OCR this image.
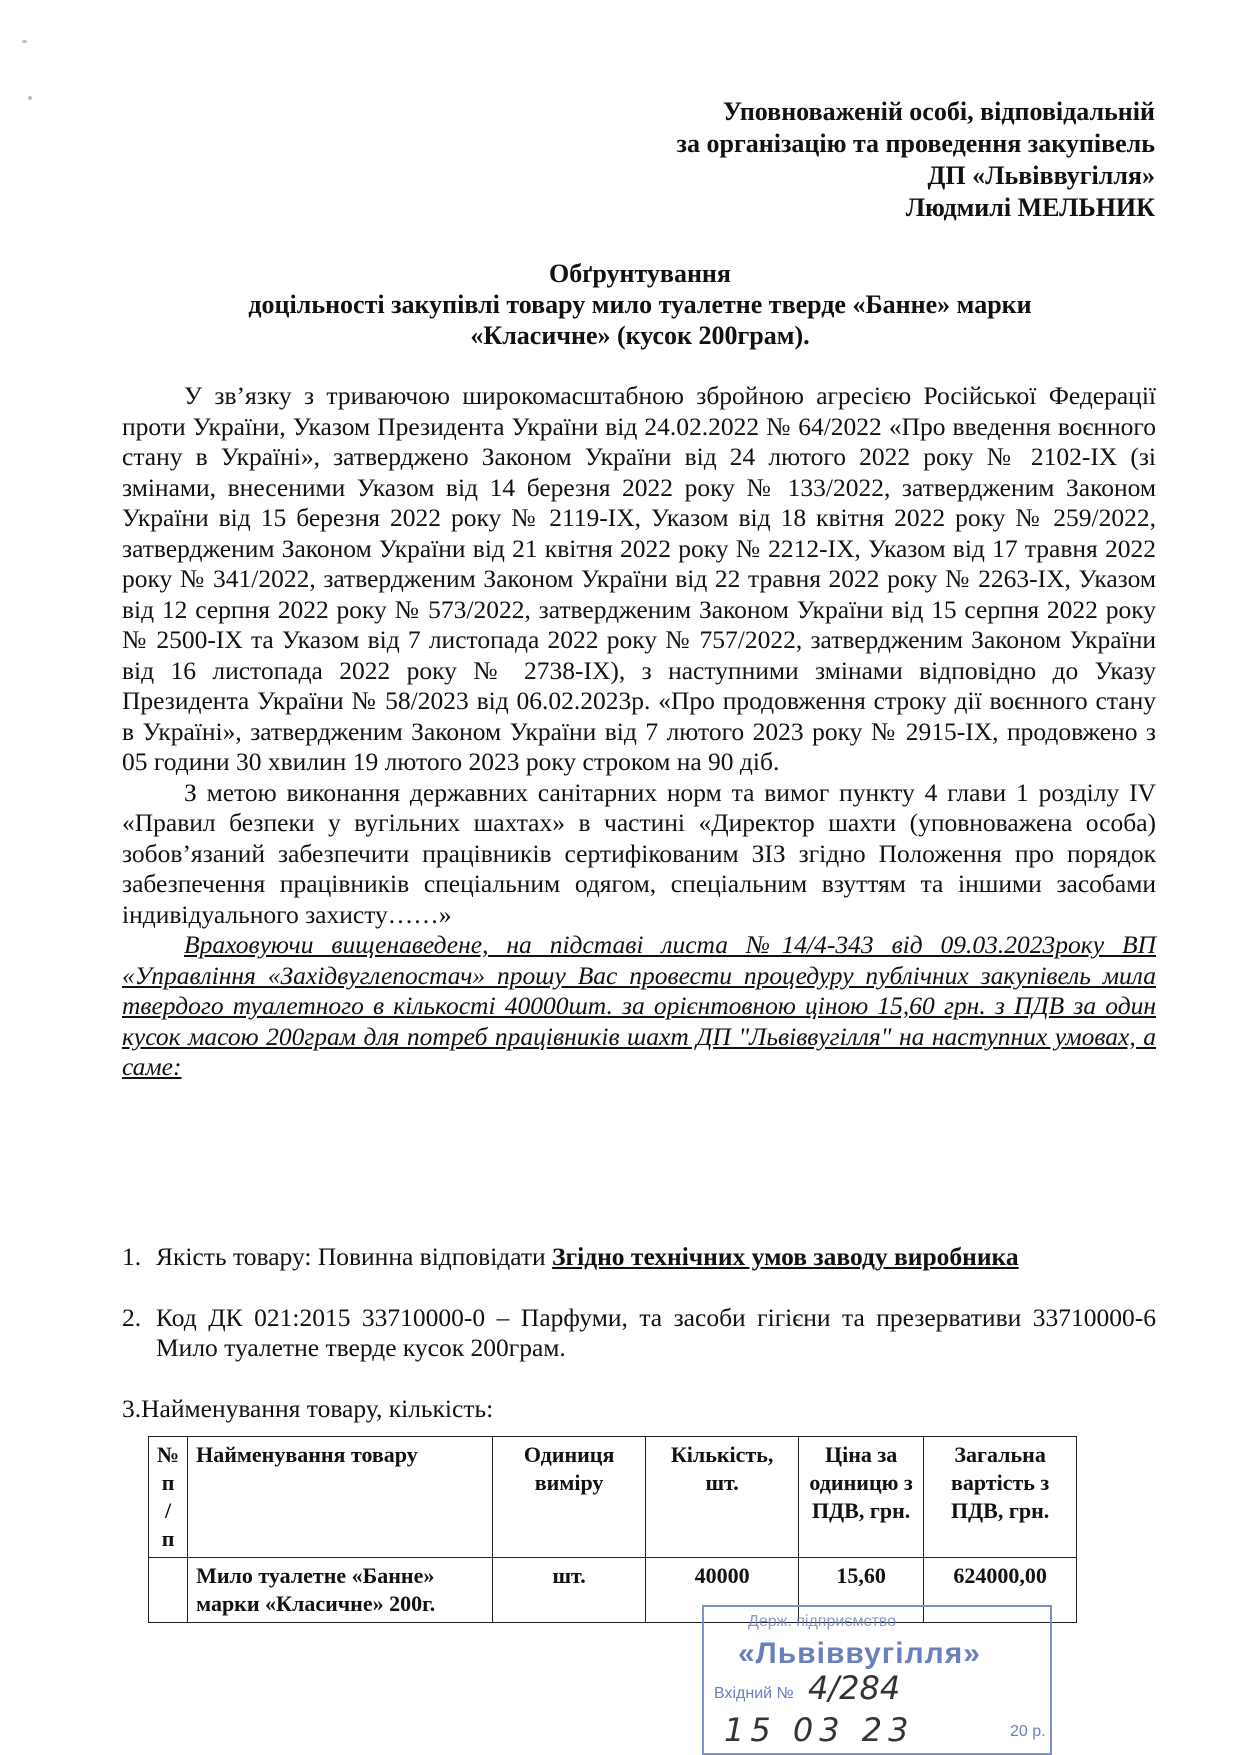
Уповноваженій особі, відповідальній
за організацію та проведення закупівель
ДП «Львіввугілля»
Людмилі МЕЛЬНИК
Обґрунтування
доцільності закупівлі товару мило туалетне тверде «Банне» марки
«Класичне» (кусок 200грам).

У зв’язку з триваючою широкомасштабною збройною агресією Російської Федерації проти України, Указом Президента України від 24.02.2022 № 64/2022 «Про введення воєнного стану в Україні», затверджено Законом України від 24 лютого 2022 року № 2102-ІХ (зі змінами, внесеними Указом від 14 березня 2022 року № 133/2022, затвердженим Законом України від 15 березня 2022 року № 2119-ІХ, Указом від 18 квітня 2022 року № 259/2022, затвердженим Законом України від 21 квітня 2022 року № 2212-ІХ, Указом від 17 травня 2022 року № 341/2022, затвердженим Законом України від 22 травня 2022 року № 2263-ІХ, Указом від 12 серпня 2022 року № 573/2022, затвердженим Законом України від 15 серпня 2022 року № 2500-ІХ та Указом від 7 листопада 2022 року № 757/2022, затвердженим Законом України від 16 листопада 2022 року № 2738-ІХ), з наступними змінами відповідно до Указу Президента України № 58/2023 від 06.02.2023р. «Про продовження строку дії воєнного стану в Україні», затвердженим Законом України від 7 лютого 2023 року № 2915-ІХ, продовжено з 05 години 30 хвилин 19 лютого 2023 року строком на 90 діб.

З метою виконання державних санітарних норм та вимог пункту 4 глави 1 розділу IV «Правил безпеки у вугільних шахтах» в частині «Директор шахти (уповноважена особа) зобов’язаний забезпечити працівників сертифікованим ЗІЗ згідно Положення про порядок забезпечення працівників спеціальним одягом, спеціальним взуттям та іншими засобами індивідуального захисту……»

Враховуючи вищенаведене, на підставі листа №14/4-343 від 09.03.2023року ВП «Управління «Західвуглепостач» прошу Вас провести процедуру публічних закупівель мила твердого туалетного в кількості 40000шт. за орієнтовною ціною 15,60 грн. з ПДВ за один кусок масою 200грам для потреб працівників шахт ДП "Львіввугілля" на наступних умовах, а саме:

1. Якість товару: Повинна відповідати Згідно технічних умов заводу виробника
2. Код ДК 021:2015 33710000-0 – Парфуми, та засоби гігієни та презервативи 33710000-6 Мило туалетне тверде кусок 200грам.
3.Найменування товару, кількість:
№ п / п	Найменування товару	Одиниця виміру	Кількість, шт.	Ціна за одиницю з ПДВ, грн.	Загальна вартість з ПДВ, грн.
	Мило туалетне «Банне» марки «Класичне» 200г.	шт.	40000	15,60	624000,00
Держ. підприємство
«Львіввугілля»
Вхідний № 4/284
15 03 23	20 р.
